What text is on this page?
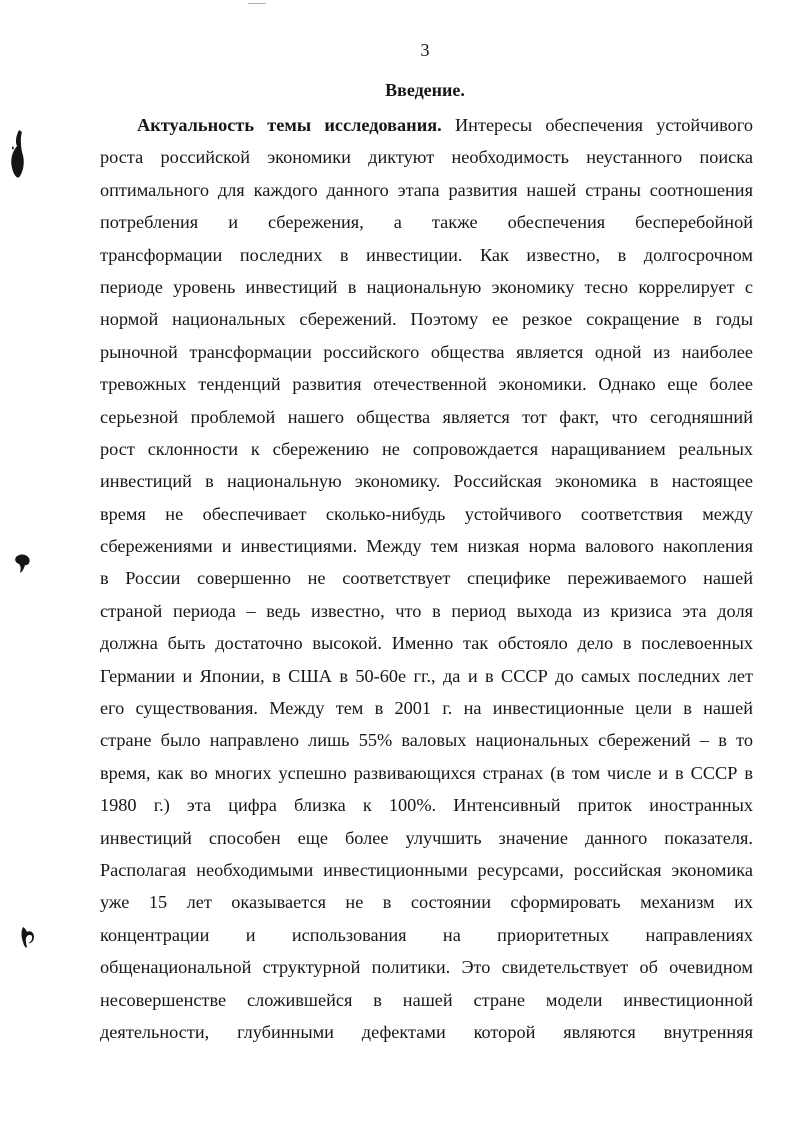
3
Введение.
Актуальность темы исследования. Интересы обеспечения устойчивого
роста российской экономики диктуют необходимость неустанного поиска
оптимального для каждого данного этапа развития нашей страны соотношения
потребления и сбережения, а также обеспечения бесперебойной
трансформации последних в инвестиции. Как известно, в долгосрочном
периоде уровень инвестиций в национальную экономику тесно коррелирует с
нормой национальных сбережений. Поэтому ее резкое сокращение в годы
рыночной трансформации российского общества является одной из наиболее
тревожных тенденций развития отечественной экономики. Однако еще более
серьезной проблемой нашего общества является тот факт, что сегодняшний
рост склонности к сбережению не сопровождается наращиванием реальных
инвестиций в национальную экономику. Российская экономика в настоящее
время не обеспечивает сколько-нибудь устойчивого соответствия между
сбережениями и инвестициями. Между тем низкая норма валового накопления
в России совершенно не соответствует специфике переживаемого нашей
страной периода – ведь известно, что в период выхода из кризиса эта доля
должна быть достаточно высокой. Именно так обстояло дело в послевоенных
Германии и Японии, в США в 50-60е гг., да и в СССР до самых последних лет
его существования. Между тем в 2001 г. на инвестиционные цели в нашей
стране было направлено лишь 55% валовых национальных сбережений – в то
время, как во многих успешно развивающихся странах (в том числе и в СССР в
1980 г.) эта цифра близка к 100%. Интенсивный приток иностранных
инвестиций способен еще более улучшить значение данного показателя.
Располагая необходимыми инвестиционными ресурсами, российская экономика
уже 15 лет оказывается не в состоянии сформировать механизм их
концентрации и использования на приоритетных направлениях
общенациональной структурной политики. Это свидетельствует об очевидном
несовершенстве сложившейся в нашей стране модели инвестиционной
деятельности, глубинными дефектами которой являются внутренняя
